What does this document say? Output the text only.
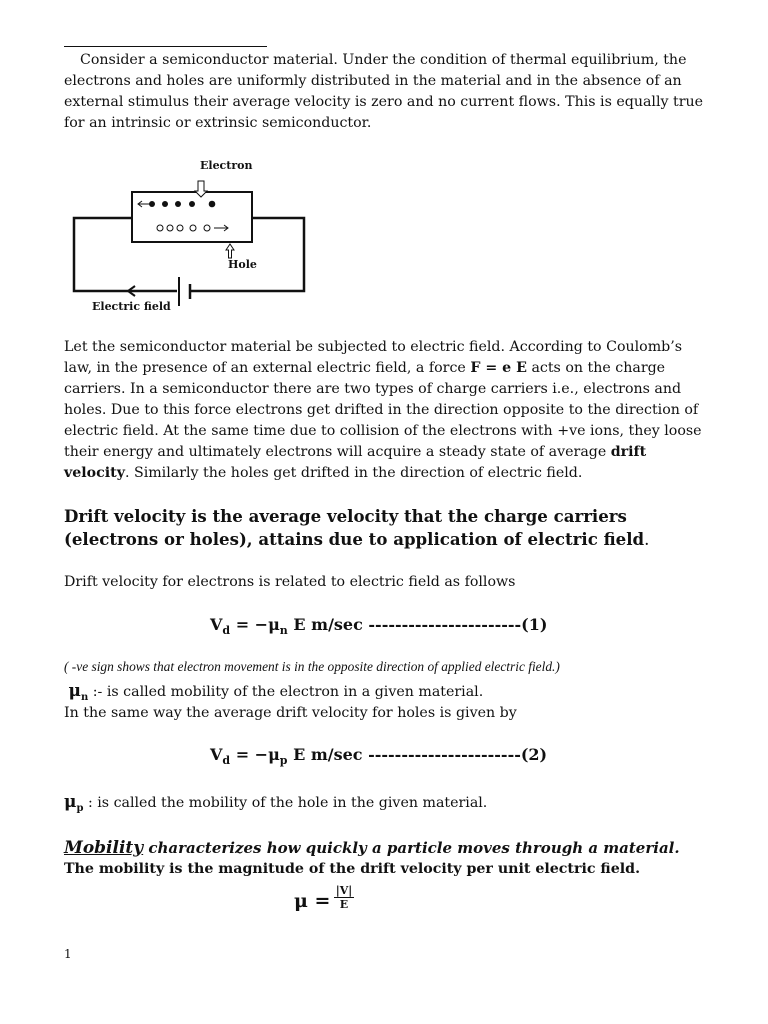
Consider a semiconductor material. Under the condition of thermal equilibrium, the electrons and holes are uniformly distributed in the material and in the absence of an external stimulus their average velocity is zero and no current flows. This is equally true for an intrinsic or extrinsic semiconductor.
Electron
Hole
Electric field
Let the semiconductor material be subjected to electric field. According to Coulomb’s law, in the presence of an external electric field, a force F = e E acts on the charge carriers. In a semiconductor there are two types of charge carriers i.e., electrons and holes. Due to this force electrons get drifted in the direction opposite to the direction of electric field. At the same time due to collision of the electrons with +ve ions, they loose their energy and ultimately electrons will acquire a steady state of average drift velocity. Similarly the holes get drifted in the direction of electric field.
Drift velocity is the average velocity that the charge carriers (electrons or holes), attains due to application of electric field.
Drift velocity for electrons is related to electric field as follows
$V_d = -\mu_n$ E m/sec -----------------------(1)
( -ve sign shows that electron movement is in the opposite direction of applied electric field.)
$\mu_n$ :- is called mobility of the electron in a given material.
In the same way the average drift velocity for holes is given by
$V_d = -\mu_p$ E m/sec -----------------------(2)
$\mu_p$ : is called the mobility of the hole in the given material.
Mobility characterizes how quickly a particle moves through a material.
The mobility is the magnitude of the drift velocity per unit electric field.
$\mu = \frac{|V|}{E}$
1
